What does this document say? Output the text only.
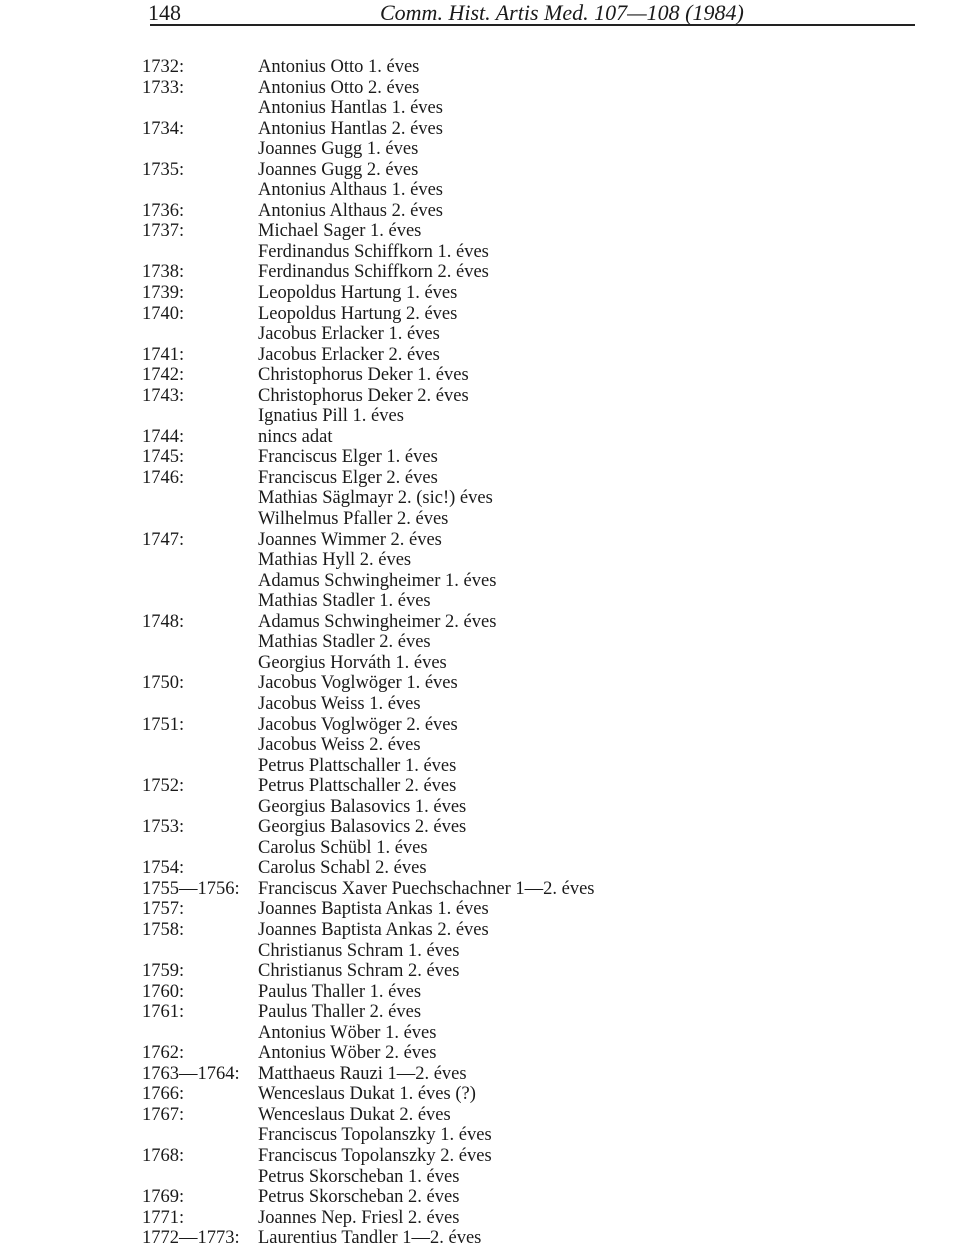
148	Comm. Hist. Artis Med. 107—108 (1984)
1732:	Antonius Otto 1. éves
1733:	Antonius Otto 2. éves
Antonius Hantlas 1. éves
1734:	Antonius Hantlas 2. éves
Joannes Gugg 1. éves
1735:	Joannes Gugg 2. éves
Antonius Althaus 1. éves
1736:	Antonius Althaus 2. éves
1737:	Michael Sager 1. éves
Ferdinandus Schiffkorn 1. éves
1738:	Ferdinandus Schiffkorn 2. éves
1739:	Leopoldus Hartung 1. éves
1740:	Leopoldus Hartung 2. éves
Jacobus Erlacker 1. éves
1741:	Jacobus Erlacker 2. éves
1742:	Christophorus Deker 1. éves
1743:	Christophorus Deker 2. éves
Ignatius Pill 1. éves
1744:	nincs adat
1745:	Franciscus Elger 1. éves
1746:	Franciscus Elger 2. éves
Mathias Säglmayr 2. (sic!) éves
Wilhelmus Pfaller 2. éves
1747:	Joannes Wimmer 2. éves
Mathias Hyll 2. éves
Adamus Schwingheimer 1. éves
Mathias Stadler 1. éves
1748:	Adamus Schwingheimer 2. éves
Mathias Stadler 2. éves
Georgius Horváth 1. éves
1750:	Jacobus Voglwöger 1. éves
Jacobus Weiss 1. éves
1751:	Jacobus Voglwöger 2. éves
Jacobus Weiss 2. éves
Petrus Plattschaller 1. éves
1752:	Petrus Plattschaller 2. éves
Georgius Balasovics 1. éves
1753:	Georgius Balasovics 2. éves
Carolus Schübl 1. éves
1754:	Carolus Schabl 2. éves
1755—1756: Franciscus Xaver Puechschachner 1—2. éves
1757:	Joannes Baptista Ankas 1. éves
1758:	Joannes Baptista Ankas 2. éves
Christianus Schram 1. éves
1759:	Christianus Schram 2. éves
1760:	Paulus Thaller 1. éves
1761:	Paulus Thaller 2. éves
Antonius Wöber 1. éves
1762:	Antonius Wöber 2. éves
1763—1764: Matthaeus Rauzi 1—2. éves
1766:	Wenceslaus Dukat 1. éves (?)
1767:	Wenceslaus Dukat 2. éves
Franciscus Topolanszky 1. éves
1768:	Franciscus Topolanszky 2. éves
Petrus Skorscheban 1. éves
1769:	Petrus Skorscheban 2. éves
1771:	Joannes Nep. Friesl 2. éves
1772—1773: Laurentius Tandler 1—2. éves
